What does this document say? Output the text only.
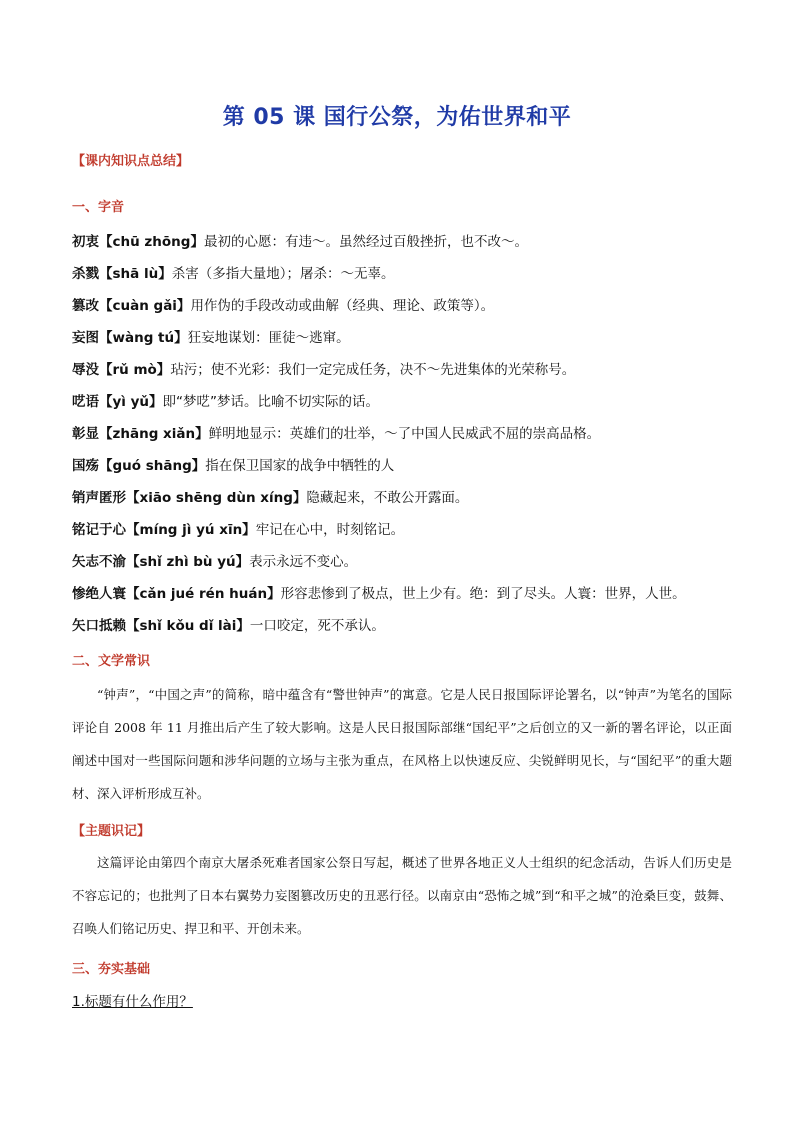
第 05 课 国行公祭，为佑世界和平
【课内知识点总结】
一、字音
初衷【chū zhōng】最初的心愿：有违～。虽然经过百般挫折，也不改～。
杀戮【shā lù】杀害（多指大量地）；屠杀：～无辜。
篡改【cuàn gǎi】用作伪的手段改动或曲解（经典、理论、政策等）。
妄图【wàng tú】狂妄地谋划：匪徒～逃窜。
辱没【rǔ mò】玷污；使不光彩：我们一定完成任务，决不～先进集体的光荣称号。
呓语【yì yǔ】即“梦呓”梦话。比喻不切实际的话。
彰显【zhāng xiǎn】鲜明地显示：英雄们的壮举，～了中国人民威武不屈的崇高品格。
国殇【guó shāng】指在保卫国家的战争中牺牲的人
销声匿形【xiāo shēng dùn xíng】隐藏起来，不敢公开露面。
铭记于心【míng jì yú xīn】牢记在心中，时刻铭记。
矢志不渝【shǐ zhì bù yú】表示永远不变心。
惨绝人寰【cǎn jué rén huán】形容悲惨到了极点，世上少有。绝：到了尽头。人寰：世界，人世。
矢口抵赖【shǐ kǒu dǐ lài】一口咬定，死不承认。
二、文学常识
“钟声”，“中国之声”的简称，暗中蕴含有“警世钟声”的寓意。它是人民日报国际评论署名，以“钟声”为笔名的国际评论自 2008 年 11 月推出后产生了较大影响。这是人民日报国际部继“国纪平”之后创立的又一新的署名评论，以正面阐述中国对一些国际问题和涉华问题的立场与主张为重点，在风格上以快速反应、尖锐鲜明见长，与“国纪平”的重大题材、深入评析形成互补。
【主题识记】
这篇评论由第四个南京大屠杀死难者国家公祭日写起，概述了世界各地正义人士组织的纪念活动，告诉人们历史是不容忘记的；也批判了日本右翼势力妄图篡改历史的丑恶行径。以南京由“恐怖之城”到“和平之城”的沧桑巨变，鼓舞、召唤人们铭记历史、捍卫和平、开创未来。
三、夯实基础
1.标题有什么作用？
